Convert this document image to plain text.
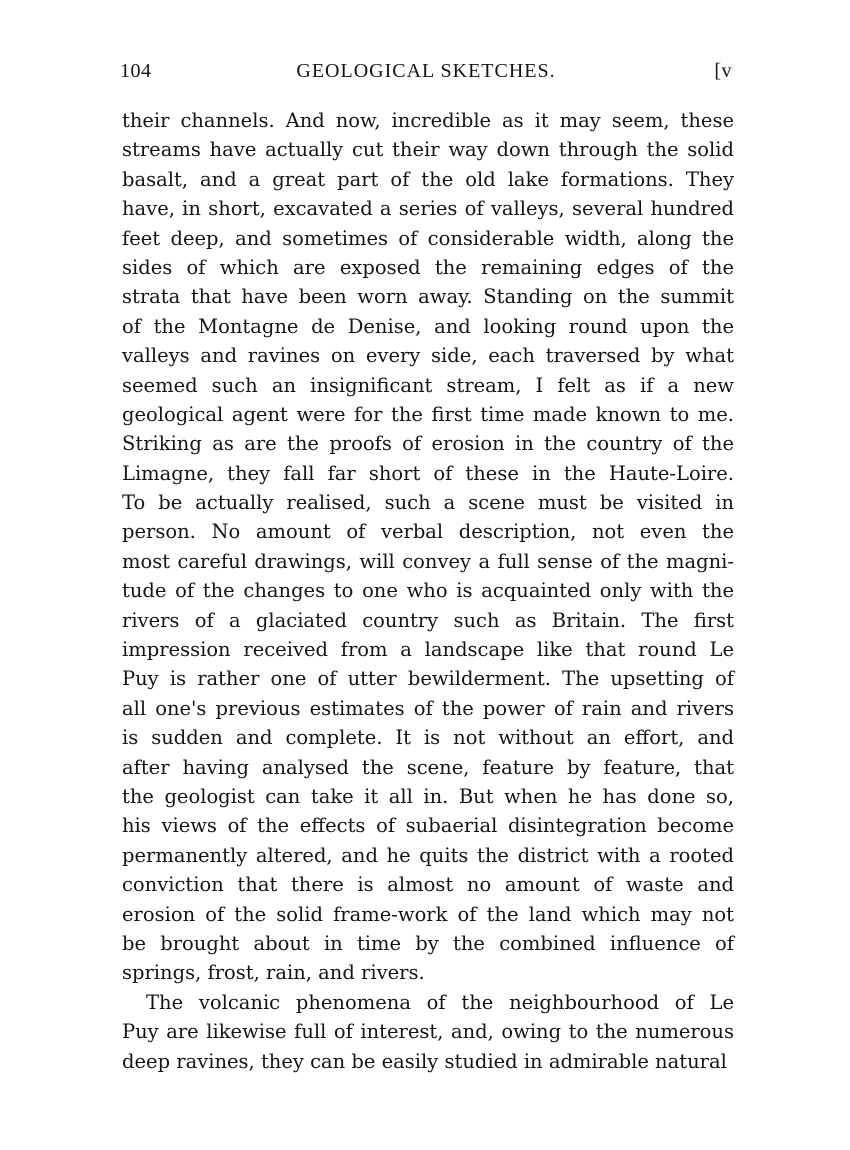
104	GEOLOGICAL SKETCHES.	[v
their channels. And now, incredible as it may seem, these
streams have actually cut their way down through the solid
basalt, and a great part of the old lake formations. They
have, in short, excavated a series of valleys, several hundred
feet deep, and sometimes of considerable width, along the
sides of which are exposed the remaining edges of the
strata that have been worn away. Standing on the summit
of the Montagne de Denise, and looking round upon the
valleys and ravines on every side, each traversed by what
seemed such an insignificant stream, I felt as if a new
geological agent were for the first time made known to me.
Striking as are the proofs of erosion in the country of the
Limagne, they fall far short of these in the Haute-Loire.
To be actually realised, such a scene must be visited in
person. No amount of verbal description, not even the
most careful drawings, will convey a full sense of the magni-
tude of the changes to one who is acquainted only with the
rivers of a glaciated country such as Britain. The first
impression received from a landscape like that round Le
Puy is rather one of utter bewilderment. The upsetting of
all one's previous estimates of the power of rain and rivers
is sudden and complete. It is not without an effort, and
after having analysed the scene, feature by feature, that
the geologist can take it all in. But when he has done so,
his views of the effects of subaerial disintegration become
permanently altered, and he quits the district with a rooted
conviction that there is almost no amount of waste and
erosion of the solid frame-work of the land which may not
be brought about in time by the combined influence of
springs, frost, rain, and rivers.
The volcanic phenomena of the neighbourhood of Le
Puy are likewise full of interest, and, owing to the numerous
deep ravines, they can be easily studied in admirable natural
